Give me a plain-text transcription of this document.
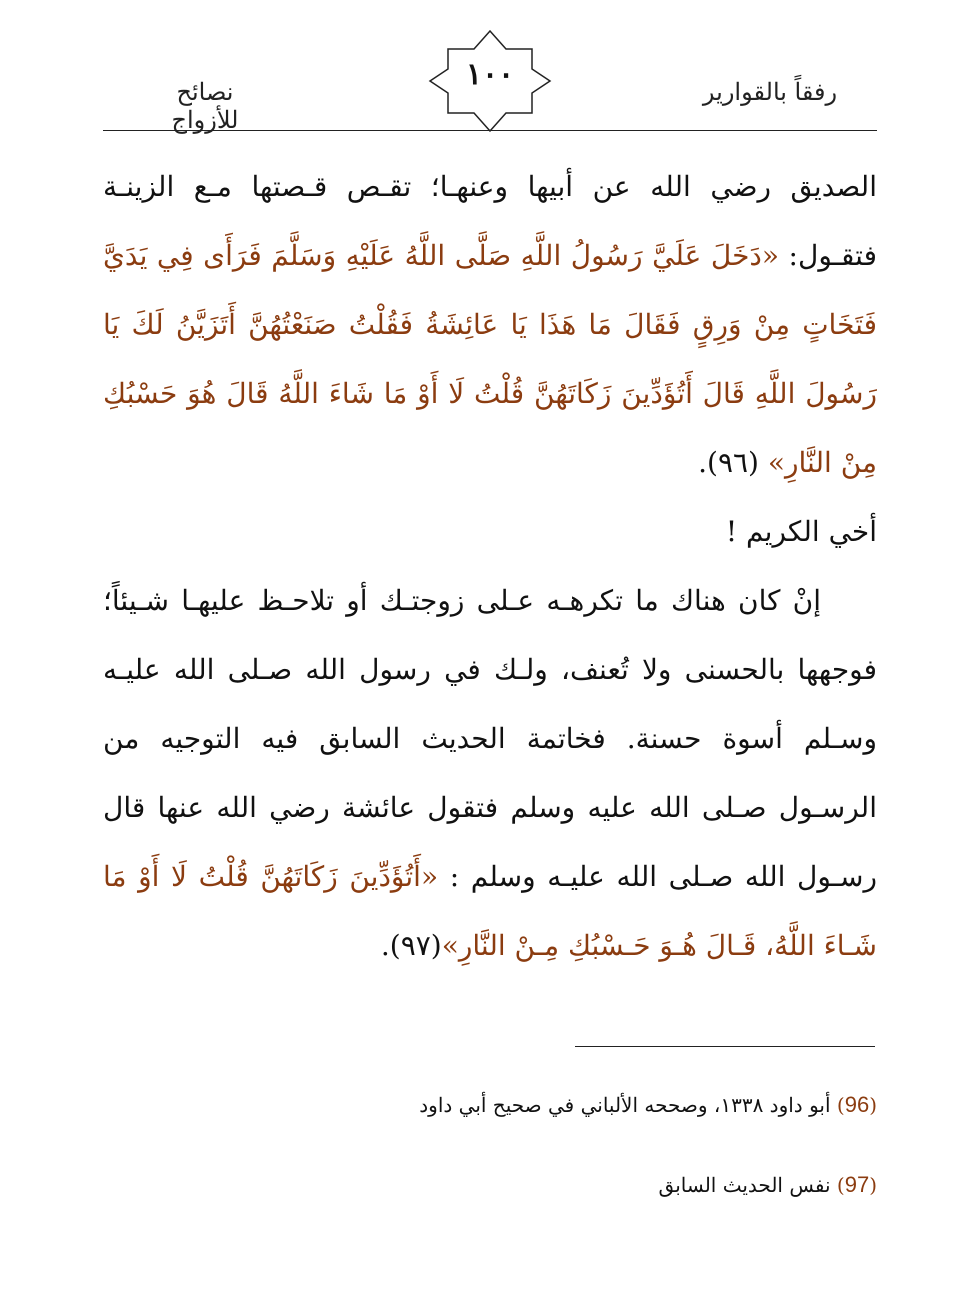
نصائح للأزواج
١٠٠	رفقاً بالقوارير

الصديق رضي الله عن أبيها وعنهـا؛ تقـص قـصتها مـع الزينـة فتقـول: «دَخَلَ عَلَيَّ رَسُولُ اللَّهِ صَلَّى اللَّهُ عَلَيْهِ وَسَلَّمَ فَرَأَى فِي يَدَيَّ فَتَخَاتٍ مِنْ وَرِقٍ فَقَالَ مَا هَذَا يَا عَائِشَةُ فَقُلْتُ صَنَعْتُهُنَّ أَتَزَيَّنُ لَكَ يَا رَسُولَ اللَّهِ قَالَ أَتُؤَدِّينَ زَكَاتَهُنَّ قُلْتُ لَا أَوْ مَا شَاءَ اللَّهُ قَالَ هُوَ حَسْبُكِ مِنْ النَّارِ» (٩٦).

أخي الكريم !

إنْ كان هناك ما تكرهـه عـلى زوجتـك أو تلاحـظ عليهـا شـيئاً؛ فوجهها بالحسنى ولا تُعنف، ولـك في رسول الله صـلى الله عليـه وسـلم أسوة حسنة. فخاتمة الحديث السابق فيه التوجيه من الرسـول صـلى الله عليه وسلم فتقول عائشة رضي الله عنها قال رسـول الله صـلى الله عليـه وسلم : «أَتُؤَدِّينَ زَكَاتَهُنَّ قُلْتُ لَا أَوْ مَا شَـاءَ اللَّهُ، قَـالَ هُـوَ حَـسْبُكِ مِـنْ النَّارِ»(٩٧).

(96) أبو داود ١٣٣٨، وصححه الألباني في صحيح أبي داود
(97) نفس الحديث السابق
